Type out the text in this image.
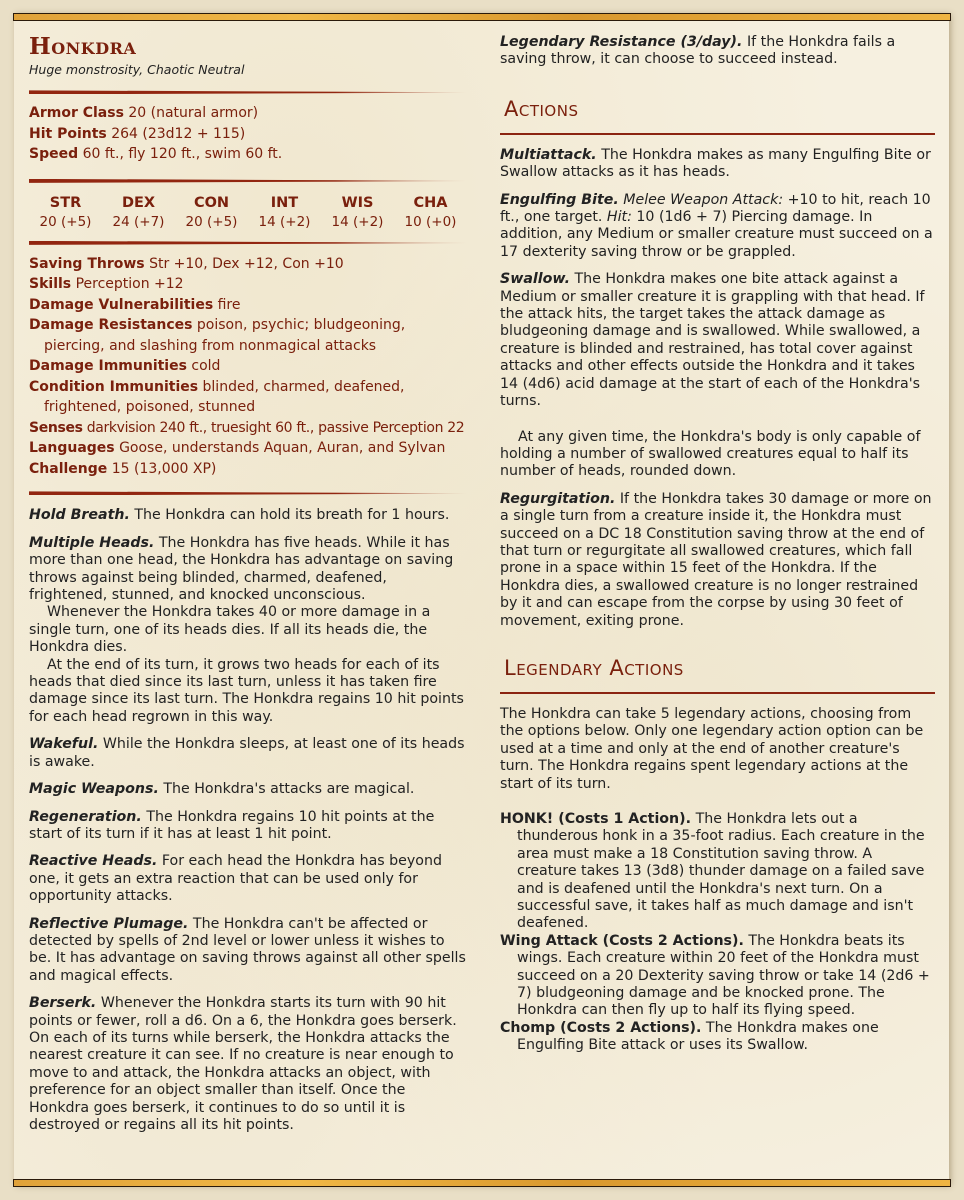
Honkdra
Huge monstrosity, Chaotic Neutral
Armor Class 20 (natural armor)
Hit Points 264 (23d12 + 115)
Speed 60 ft., fly 120 ft., swim 60 ft.
STR
20 (+5)
DEX
24 (+7)
CON
20 (+5)
INT
14 (+2)
WIS
14 (+2)
CHA
10 (+0)
Saving Throws Str +10, Dex +12, Con +10
Skills Perception +12
Damage Vulnerabilities fire
Damage Resistances poison, psychic; bludgeoning, piercing, and slashing from nonmagical attacks
Damage Immunities cold
Condition Immunities blinded, charmed, deafened, frightened, poisoned, stunned
Senses darkvision 240 ft., truesight 60 ft., passive Perception 22
Languages Goose, understands Aquan, Auran, and Sylvan
Challenge 15 (13,000 XP)

Hold Breath. The Honkdra can hold its breath for 1 hours.

Multiple Heads. The Honkdra has five heads. While it has more than one head, the Honkdra has advantage on saving throws against being blinded, charmed, deafened, frightened, stunned, and knocked unconscious.
Whenever the Honkdra takes 40 or more damage in a single turn, one of its heads dies. If all its heads die, the Honkdra dies.
At the end of its turn, it grows two heads for each of its heads that died since its last turn, unless it has taken fire damage since its last turn. The Honkdra regains 10 hit points for each head regrown in this way.

Wakeful. While the Honkdra sleeps, at least one of its heads is awake.

Magic Weapons. The Honkdra's attacks are magical.

Regeneration. The Honkdra regains 10 hit points at the start of its turn if it has at least 1 hit point.

Reactive Heads. For each head the Honkdra has beyond one, it gets an extra reaction that can be used only for opportunity attacks.

Reflective Plumage. The Honkdra can't be affected or detected by spells of 2nd level or lower unless it wishes to be. It has advantage on saving throws against all other spells and magical effects.

Berserk. Whenever the Honkdra starts its turn with 90 hit points or fewer, roll a d6. On a 6, the Honkdra goes berserk. On each of its turns while berserk, the Honkdra attacks the nearest creature it can see. If no creature is near enough to move to and attack, the Honkdra attacks an object, with preference for an object smaller than itself. Once the Honkdra goes berserk, it continues to do so until it is destroyed or regains all its hit points.

Legendary Resistance (3/day). If the Honkdra fails a saving throw, it can choose to succeed instead.

Actions

Multiattack. The Honkdra makes as many Engulfing Bite or Swallow attacks as it has heads.

Engulfing Bite. Melee Weapon Attack: +10 to hit, reach 10 ft., one target. Hit: 10 (1d6 + 7) Piercing damage. In addition, any Medium or smaller creature must succeed on a 17 dexterity saving throw or be grappled.

Swallow. The Honkdra makes one bite attack against a Medium or smaller creature it is grappling with that head. If the attack hits, the target takes the attack damage as bludgeoning damage and is swallowed. While swallowed, a creature is blinded and restrained, has total cover against attacks and other effects outside the Honkdra and it takes 14 (4d6) acid damage at the start of each of the Honkdra's turns.

At any given time, the Honkdra's body is only capable of holding a number of swallowed creatures equal to half its number of heads, rounded down.

Regurgitation. If the Honkdra takes 30 damage or more on a single turn from a creature inside it, the Honkdra must succeed on a DC 18 Constitution saving throw at the end of that turn or regurgitate all swallowed creatures, which fall prone in a space within 15 feet of the Honkdra. If the Honkdra dies, a swallowed creature is no longer restrained by it and can escape from the corpse by using 30 feet of movement, exiting prone.

Legendary Actions

The Honkdra can take 5 legendary actions, choosing from the options below. Only one legendary action option can be used at a time and only at the end of another creature's turn. The Honkdra regains spent legendary actions at the start of its turn.

HONK! (Costs 1 Action). The Honkdra lets out a thunderous honk in a 35-foot radius. Each creature in the area must make a 18 Constitution saving throw. A creature takes 13 (3d8) thunder damage on a failed save and is deafened until the Honkdra's next turn. On a successful save, it takes half as much damage and isn't deafened.

Wing Attack (Costs 2 Actions). The Honkdra beats its wings. Each creature within 20 feet of the Honkdra must succeed on a 20 Dexterity saving throw or take 14 (2d6 + 7) bludgeoning damage and be knocked prone. The Honkdra can then fly up to half its flying speed.

Chomp (Costs 2 Actions). The Honkdra makes one Engulfing Bite attack or uses its Swallow.
